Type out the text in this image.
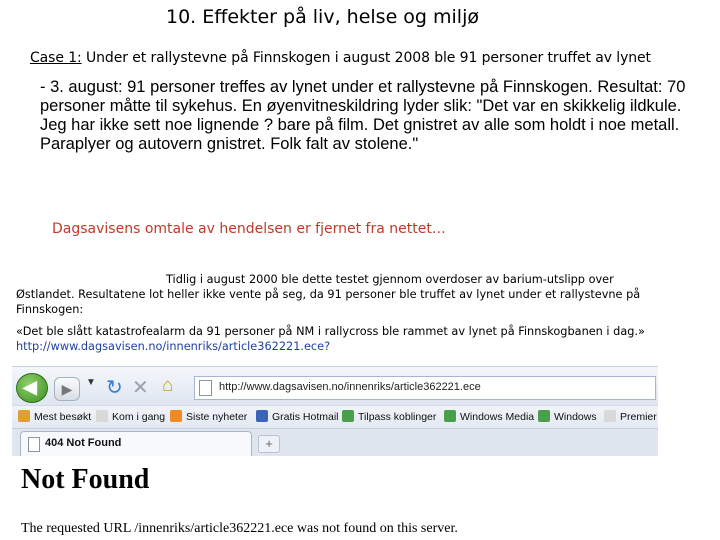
10. Effekter på liv, helse og miljø
Case 1: Under et rallystevne på Finnskogen i august 2008 ble 91 personer truffet av lynet
- 3. august: 91 personer treffes av lynet under et rallystevne på Finnskogen. Resultat: 70 personer måtte til sykehus. En øyenvitneskildring lyder slik: "Det var en skikkelig ildkule. Jeg har ikke sett noe lignende ? bare på film. Det gnistret av alle som holdt i noe metall. Paraplyer og autovern gnistret. Folk falt av stolene."
Dagsavisens omtale av hendelsen er fjernet fra nettet…

Tidlig i august 2000 ble dette testet gjennom overdoser av barium-utslipp over Østlandet. Resultatene lot heller ikke vente på seg, da 91 personer ble truffet av lynet under et rallystevne på Finnskogen:

«Det ble slått katastrofealarm da 91 personer på NM i rallycross ble rammet av lynet på Finnskogbanen i dag.» http://www.dagsavisen.no/innenriks/article362221.ece?

◀	▶	▼ ↻ ✕ ⌂	http://www.dagsavisen.no/innenriks/article362221.ece
Mest besøkt	Kom i gang	Siste nyheter	Gratis Hotmail	Tilpass koblinger	Windows Media	Windows	Premier
404 Not Found	+
Not Found
The requested URL /innenriks/article362221.ece was not found on this server.
